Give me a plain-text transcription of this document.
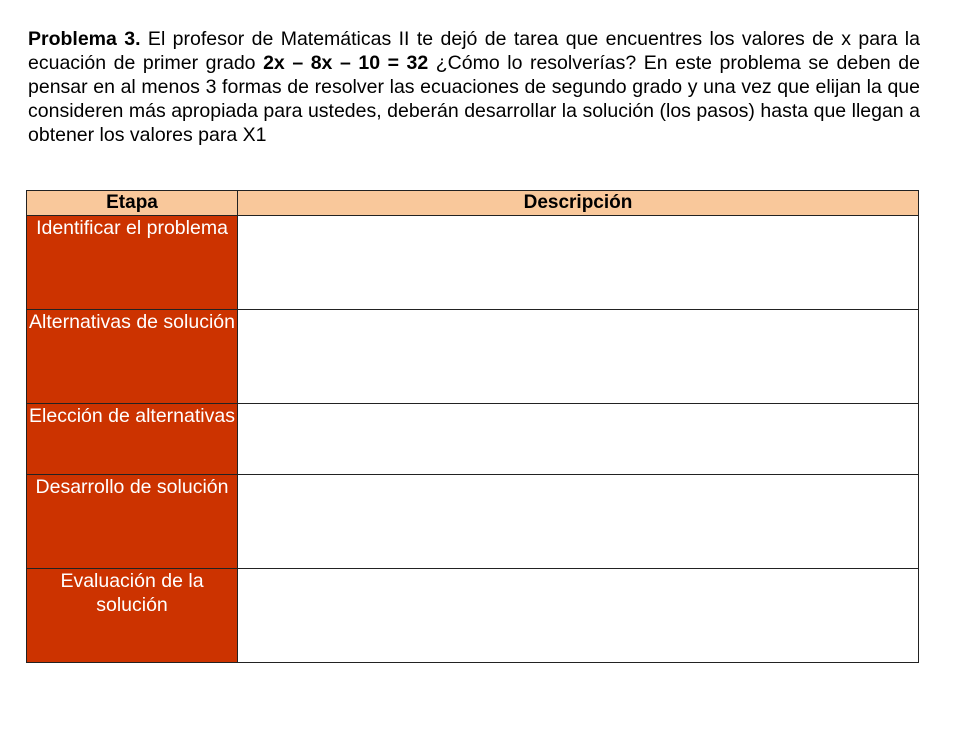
Problema 3. El profesor de Matemáticas II te dejó de tarea que encuentres los valores de x para la ecuación de primer grado 2x – 8x – 10 = 32 ¿Cómo lo resolverías? En este problema se deben de pensar en al menos 3 formas de resolver las ecuaciones de segundo grado y una vez que elijan la que consideren más apropiada para ustedes, deberán desarrollar la solución (los pasos) hasta que llegan a obtener los valores para X1

Etapa	Descripción
Identificar el problema	
Alternativas de solución	
Elección de alternativas	
Desarrollo de solución	
Evaluación de la solución	
